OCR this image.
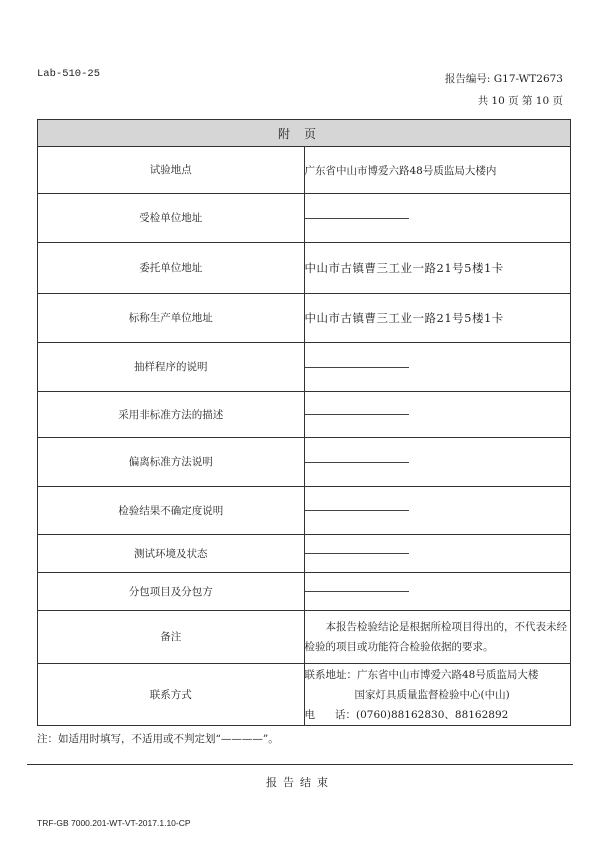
Lab-510-25	报告编号: G17-WT2673
共 10 页 第 10 页
附页	
试验地点	广东省中山市博爱六路48号质监局大楼内
受检单位地址	
委托单位地址	中山市古镇曹三工业一路21号5楼1卡
标称生产单位地址	中山市古镇曹三工业一路21号5楼1卡
抽样程序的说明	
采用非标准方法的描述	
偏离标准方法说明	
检验结果不确定度说明	
测试环境及状态	
分包项目及分包方	
备注	　　本报告检验结论是根据所检项目得出的，不代表未经检验的项目或功能符合检验依据的要求。
联系方式	联系地址：广东省中山市博爱六路48号质监局大楼
国家灯具质量监督检验中心(中山)
电      话：(0760)88162830、88162892
注：如适用时填写，不适用或不判定划“————”。
报告结束
TRF-GB 7000.201-WT-VT-2017.1.10-CP
